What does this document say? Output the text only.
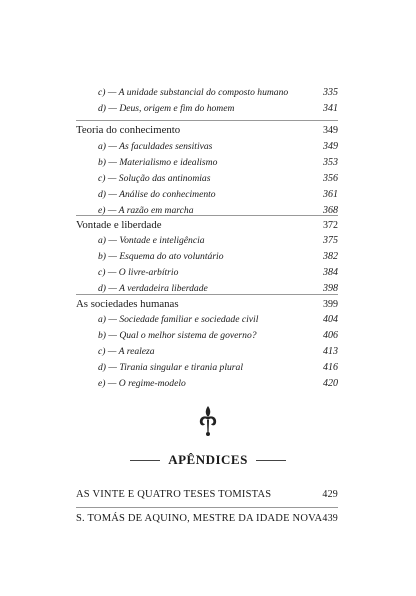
c) — A unidade substancial do composto humano	335
d) — Deus, origem e fim do homem	341
Teoria do conhecimento	349
a) — As faculdades sensitivas	349
b) — Materialismo e idealismo	353
c) — Solução das antinomias	356
d) — Análise do conhecimento	361
e) — A razão em marcha	368
Vontade e liberdade	372
a) — Vontade e inteligência	375
b) — Esquema do ato voluntário	382
c) — O livre-arbítrio	384
d) — A verdadeira liberdade	398
As sociedades humanas	399
a) — Sociedade familiar e sociedade civil	404
b) — Qual o melhor sistema de governo?	406
c) — A realeza	413
d) — Tirania singular e tirania plural	416
e) — O regime-modelo	420
APÊNDICES
AS VINTE E QUATRO TESES TOMISTAS	429
S. TOMÁS DE AQUINO, MESTRE DA IDADE NOVA 439
